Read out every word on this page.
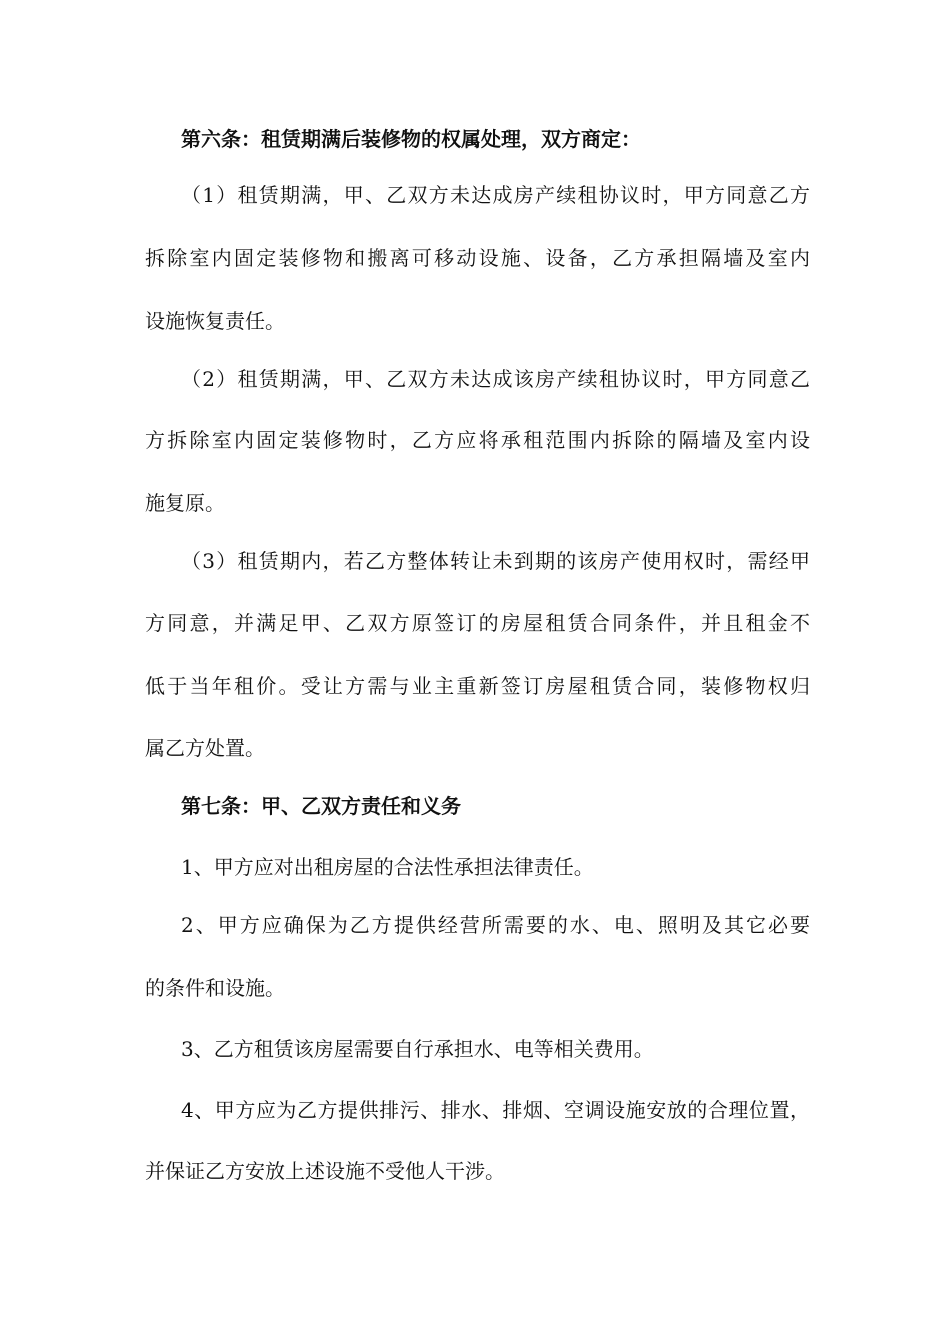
第六条：租赁期满后装修物的权属处理，双方商定：
（1）租赁期满，甲、乙双方未达成房产续租协议时，甲方同意乙方
拆除室内固定装修物和搬离可移动设施、设备，乙方承担隔墙及室内
设施恢复责任。
（2）租赁期满，甲、乙双方未达成该房产续租协议时，甲方同意乙
方拆除室内固定装修物时，乙方应将承租范围内拆除的隔墙及室内设
施复原。
（3）租赁期内，若乙方整体转让未到期的该房产使用权时，需经甲
方同意，并满足甲、乙双方原签订的房屋租赁合同条件，并且租金不
低于当年租价。受让方需与业主重新签订房屋租赁合同，装修物权归
属乙方处置。
第七条：甲、乙双方责任和义务
1、甲方应对出租房屋的合法性承担法律责任。
2、甲方应确保为乙方提供经营所需要的水、电、照明及其它必要
的条件和设施。
3、乙方租赁该房屋需要自行承担水、电等相关费用。
4、甲方应为乙方提供排污、排水、排烟、空调设施安放的合理位置，
并保证乙方安放上述设施不受他人干涉。
